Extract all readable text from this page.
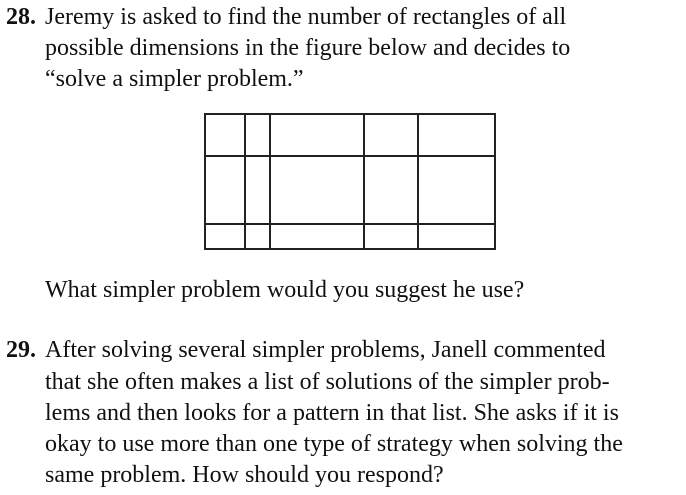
28. Jeremy is asked to find the number of rectangles of all
possible dimensions in the figure below and decides to
“solve a simpler problem.”
What simpler problem would you suggest he use?
29. After solving several simpler problems, Janell commented
that she often makes a list of solutions of the simpler prob-
lems and then looks for a pattern in that list. She asks if it is
okay to use more than one type of strategy when solving the
same problem. How should you respond?
